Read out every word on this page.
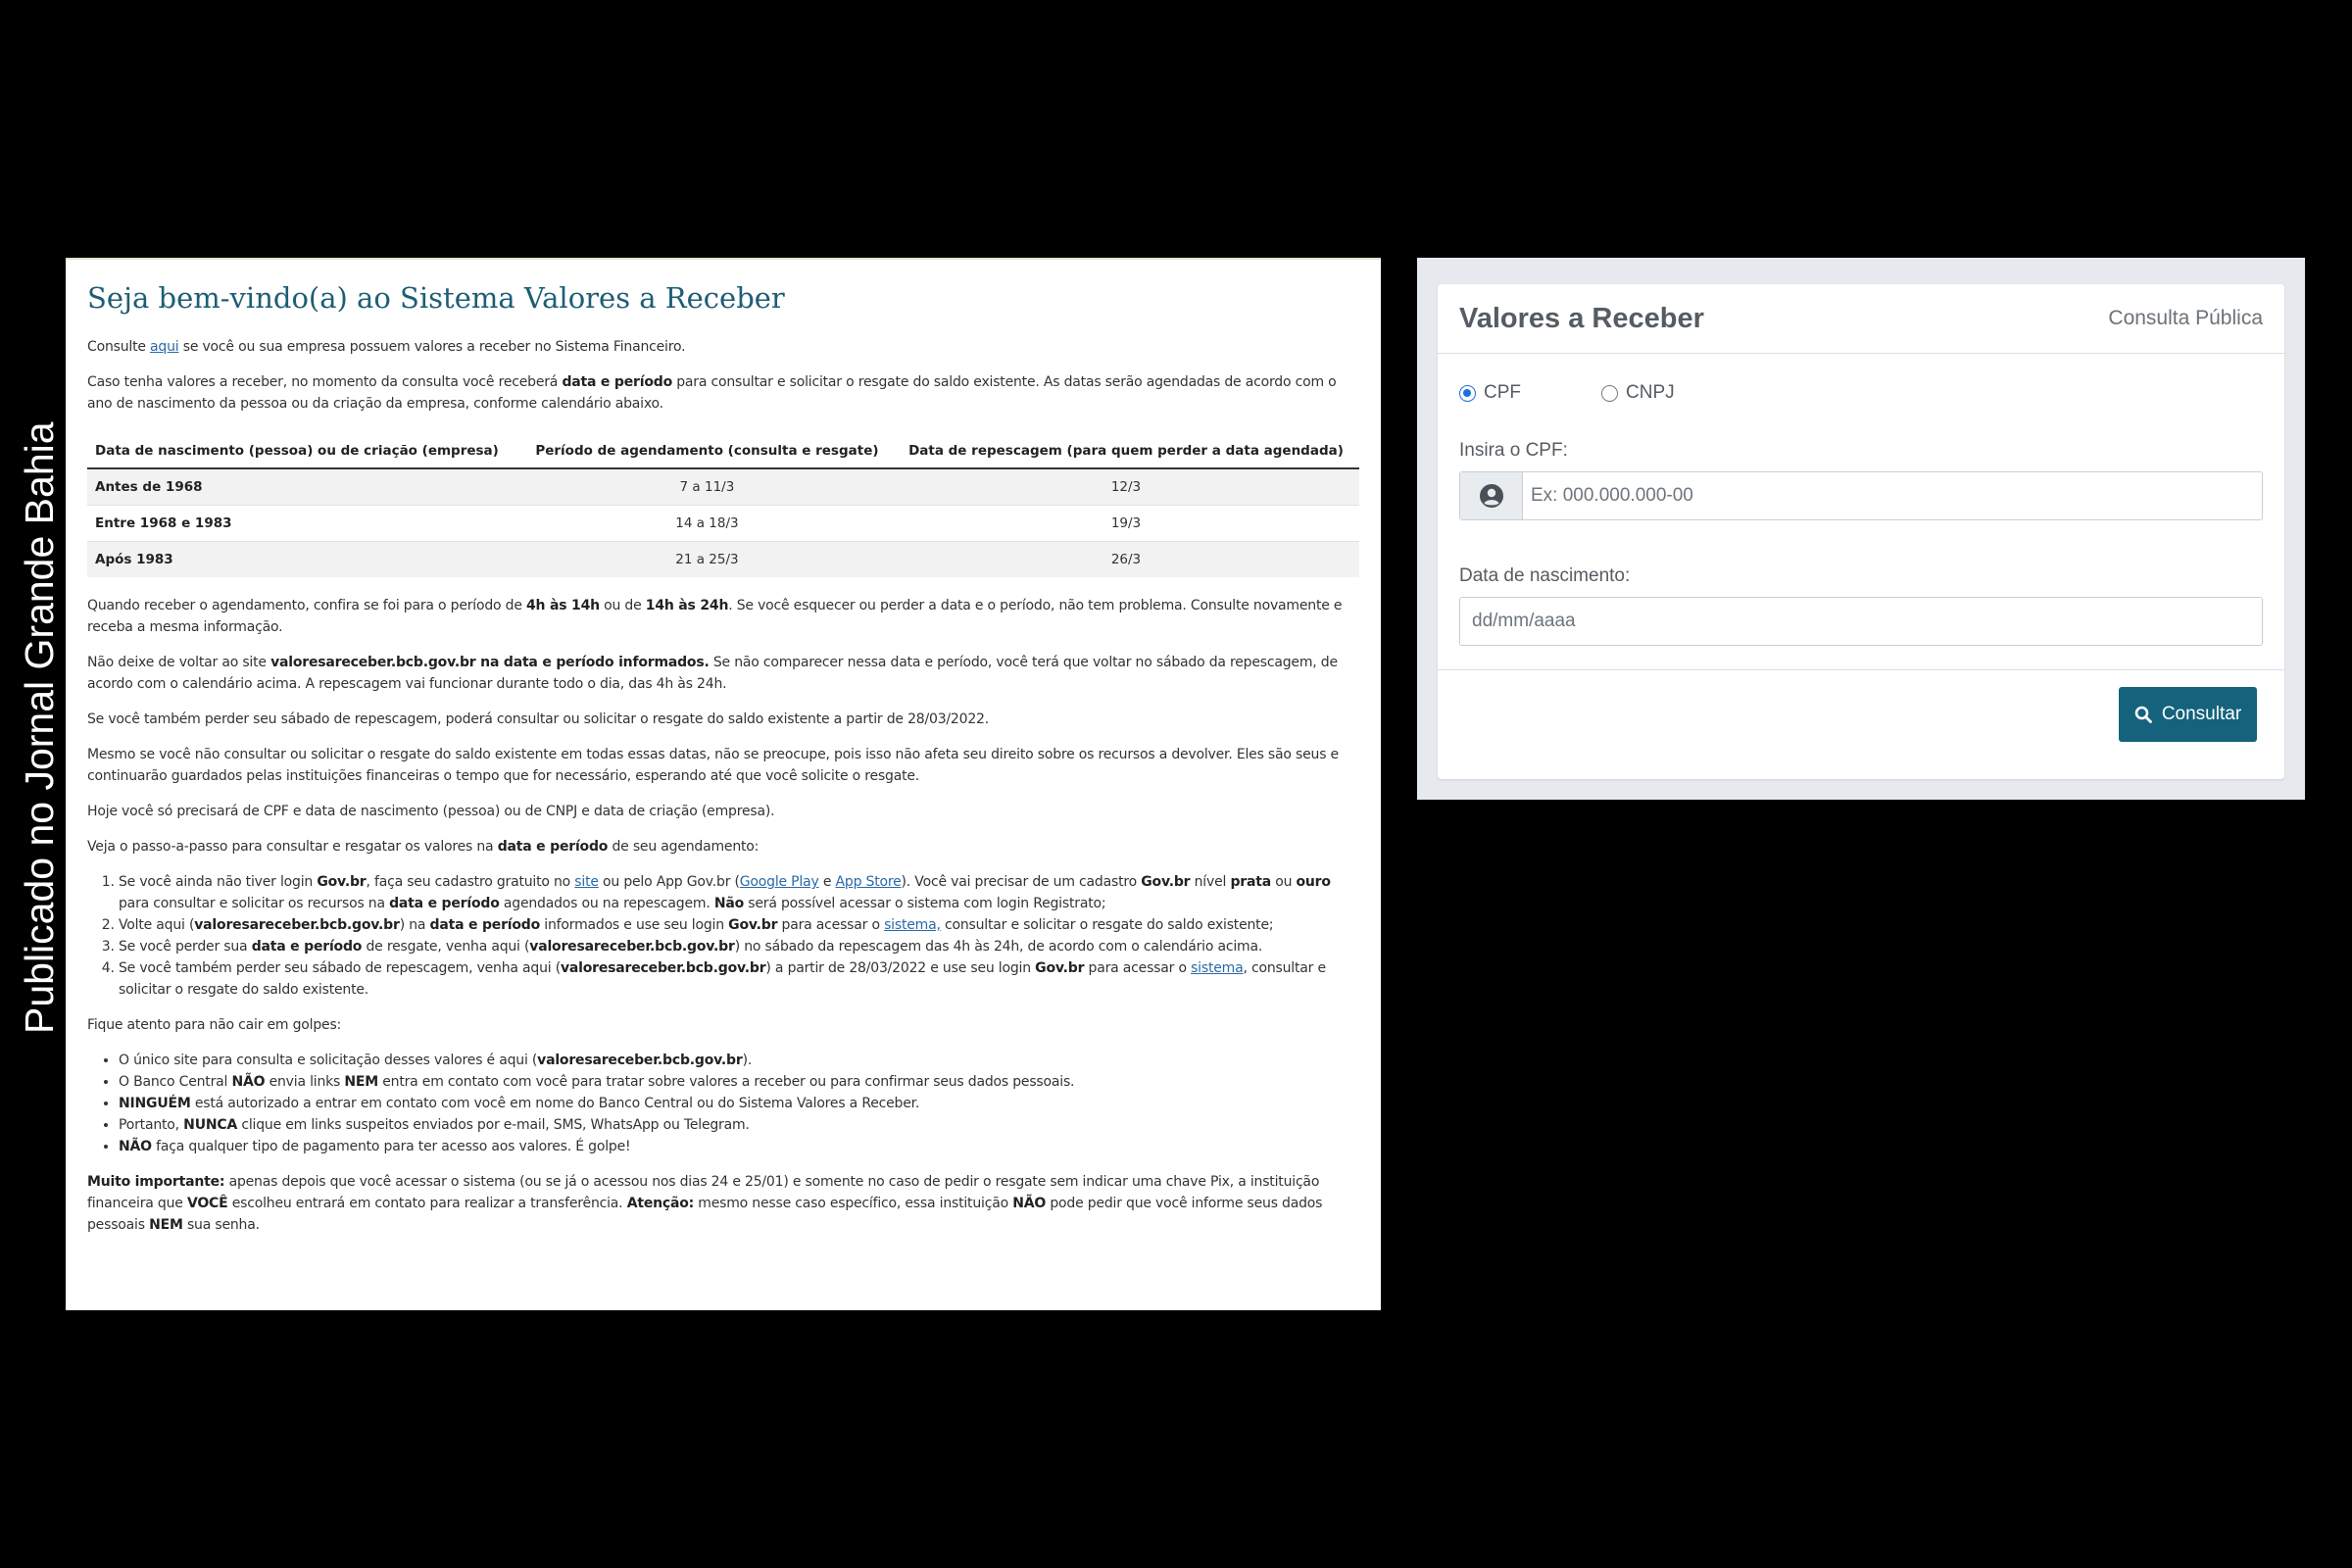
Publicado no Jornal Grande Bahia
Seja bem-vindo(a) ao Sistema Valores a Receber

Consulte aqui se você ou sua empresa possuem valores a receber no Sistema Financeiro.

Caso tenha valores a receber, no momento da consulta você receberá data e período para consultar e solicitar o resgate do saldo existente. As datas serão agendadas de acordo com o ano de nascimento da pessoa ou da criação da empresa, conforme calendário abaixo.

Data de nascimento (pessoa) ou de criação (empresa)	Período de agendamento (consulta e resgate)	Data de repescagem (para quem perder a data agendada)
Antes de 1968	7 a 11/3	12/3
Entre 1968 e 1983	14 a 18/3	19/3
Após 1983	21 a 25/3	26/3

Quando receber o agendamento, confira se foi para o período de 4h às 14h ou de 14h às 24h. Se você esquecer ou perder a data e o período, não tem problema. Consulte novamente e receba a mesma informação.

Não deixe de voltar ao site valoresareceber.bcb.gov.br na data e período informados. Se não comparecer nessa data e período, você terá que voltar no sábado da repescagem, de acordo com o calendário acima. A repescagem vai funcionar durante todo o dia, das 4h às 24h.

Se você também perder seu sábado de repescagem, poderá consultar ou solicitar o resgate do saldo existente a partir de 28/03/2022.

Mesmo se você não consultar ou solicitar o resgate do saldo existente em todas essas datas, não se preocupe, pois isso não afeta seu direito sobre os recursos a devolver. Eles são seus e continuarão guardados pelas instituições financeiras o tempo que for necessário, esperando até que você solicite o resgate.

Hoje você só precisará de CPF e data de nascimento (pessoa) ou de CNPJ e data de criação (empresa).

Veja o passo-a-passo para consultar e resgatar os valores na data e período de seu agendamento:

1. Se você ainda não tiver login Gov.br, faça seu cadastro gratuito no site ou pelo App Gov.br (Google Play e App Store). Você vai precisar de um cadastro Gov.br nível prata ou ouro para consultar e solicitar os recursos na data e período agendados ou na repescagem. Não será possível acessar o sistema com login Registrato;
2. Volte aqui (valoresareceber.bcb.gov.br) na data e período informados e use seu login Gov.br para acessar o sistema, consultar e solicitar o resgate do saldo existente;
3. Se você perder sua data e período de resgate, venha aqui (valoresareceber.bcb.gov.br) no sábado da repescagem das 4h às 24h, de acordo com o calendário acima.
4. Se você também perder seu sábado de repescagem, venha aqui (valoresareceber.bcb.gov.br) a partir de 28/03/2022 e use seu login Gov.br para acessar o sistema, consultar e solicitar o resgate do saldo existente.

Fique atento para não cair em golpes:

• O único site para consulta e solicitação desses valores é aqui (valoresareceber.bcb.gov.br).
• O Banco Central NÃO envia links NEM entra em contato com você para tratar sobre valores a receber ou para confirmar seus dados pessoais.
• NINGUÉM está autorizado a entrar em contato com você em nome do Banco Central ou do Sistema Valores a Receber.
• Portanto, NUNCA clique em links suspeitos enviados por e-mail, SMS, WhatsApp ou Telegram.
• NÃO faça qualquer tipo de pagamento para ter acesso aos valores. É golpe!

Muito importante: apenas depois que você acessar o sistema (ou se já o acessou nos dias 24 e 25/01) e somente no caso de pedir o resgate sem indicar uma chave Pix, a instituição financeira que VOCÊ escolheu entrará em contato para realizar a transferência. Atenção: mesmo nesse caso específico, essa instituição NÃO pode pedir que você informe seus dados pessoais NEM sua senha.

Valores a Receber	Consulta Pública
CPF	CNPJ
Insira o CPF:
Ex: 000.000.000-00
Data de nascimento:
dd/mm/aaaa
Consultar
